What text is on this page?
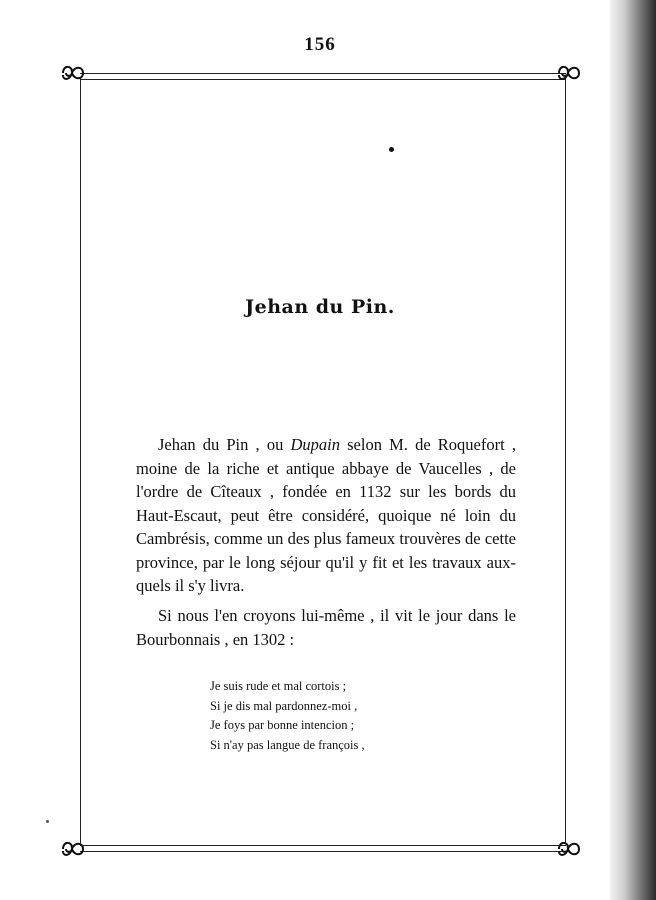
156
Jehan du Pin.
Jehan du Pin , ou Dupain selon M. de Roquefort ,
moine de la riche et antique abbaye de Vaucelles , de
l'ordre de Cîteaux , fondée en 1132 sur les bords du
Haut-Escaut, peut être considéré, quoique né loin du
Cambrésis, comme un des plus fameux trouvères de cette
province, par le long séjour qu'il y fit et les travaux aux-
quels il s'y livra.
Si nous l'en croyons lui-même , il vit le jour dans le
Bourbonnais , en 1302 :
Je suis rude et mal cortois ;
Si je dis mal pardonnez-moi ,
Je foys par bonne intencion ;
Si n'ay pas langue de françois ,
